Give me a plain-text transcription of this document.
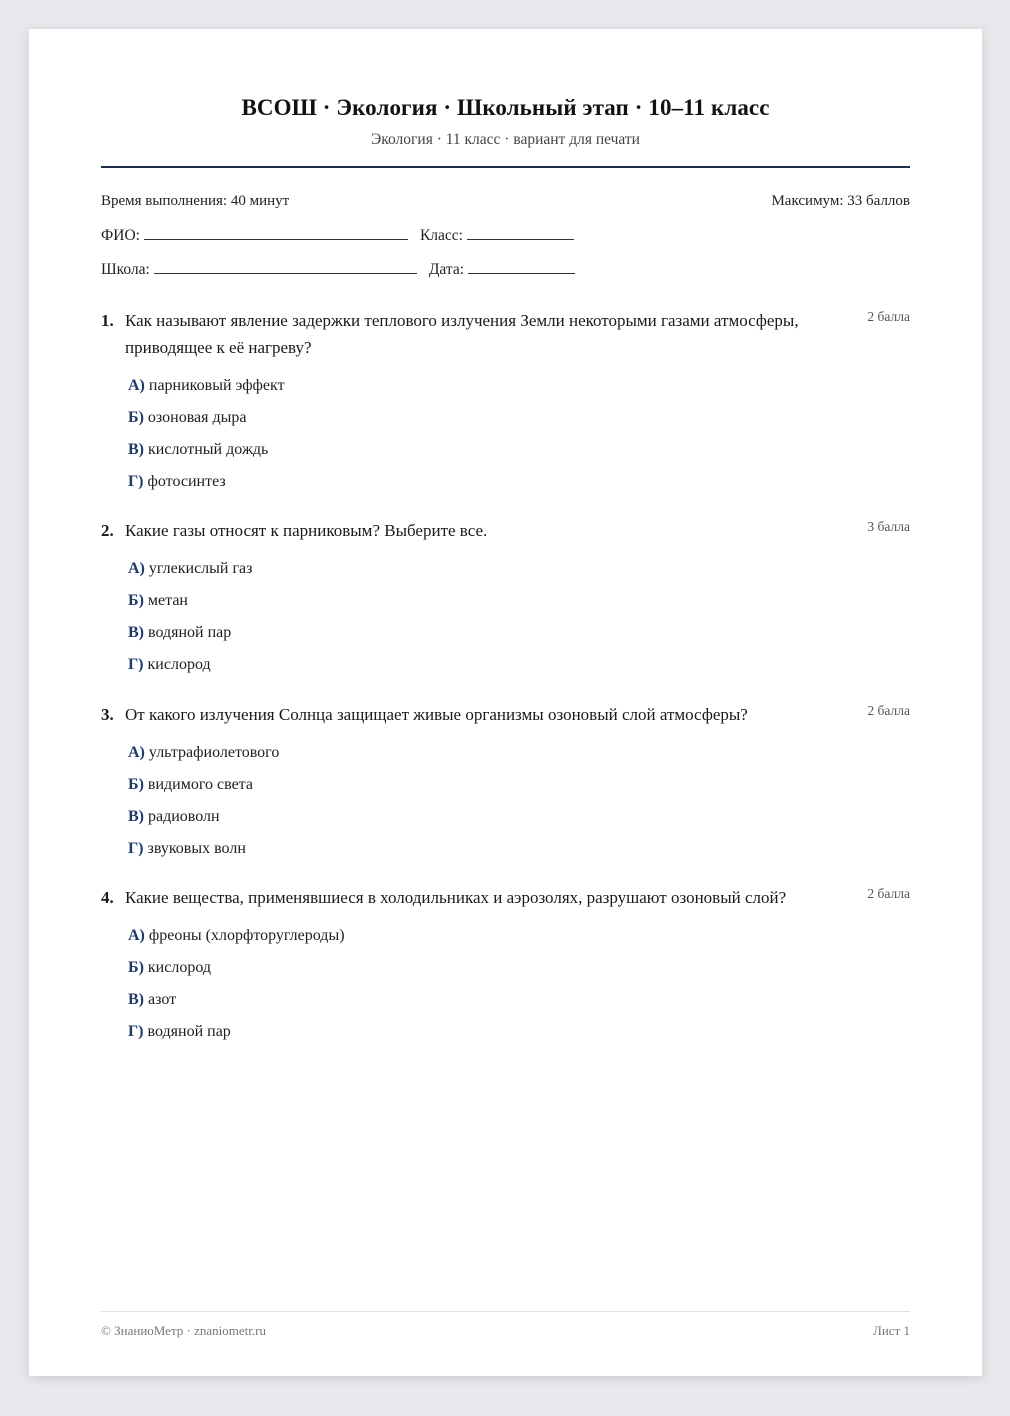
ВСОШ · Экология · Школьный этап · 10–11 класс
Экология · 11 класс · вариант для печати
Время выполнения: 40 минут	Максимум: 33 баллов
ФИО:	Класс:
Школа:	Дата:
1. Как называют явление задержки теплового излучения Земли некоторыми газами атмосферы, приводящее к её нагреву?
2 балла
А) парниковый эффект
Б) озоновая дыра
В) кислотный дождь
Г) фотосинтез
2. Какие газы относят к парниковым? Выберите все.	3 балла
А) углекислый газ
Б) метан
В) водяной пар
Г) кислород
3. От какого излучения Солнца защищает живые организмы озоновый слой атмосферы?	2 балла
А) ультрафиолетового
Б) видимого света
В) радиоволн
Г) звуковых волн
4. Какие вещества, применявшиеся в холодильниках и аэрозолях, разрушают озоновый слой?	2 балла
А) фреоны (хлорфторуглероды)
Б) кислород
В) азот
Г) водяной пар
© ЗнаниоМетр · znaniometr.ru	Лист 1
